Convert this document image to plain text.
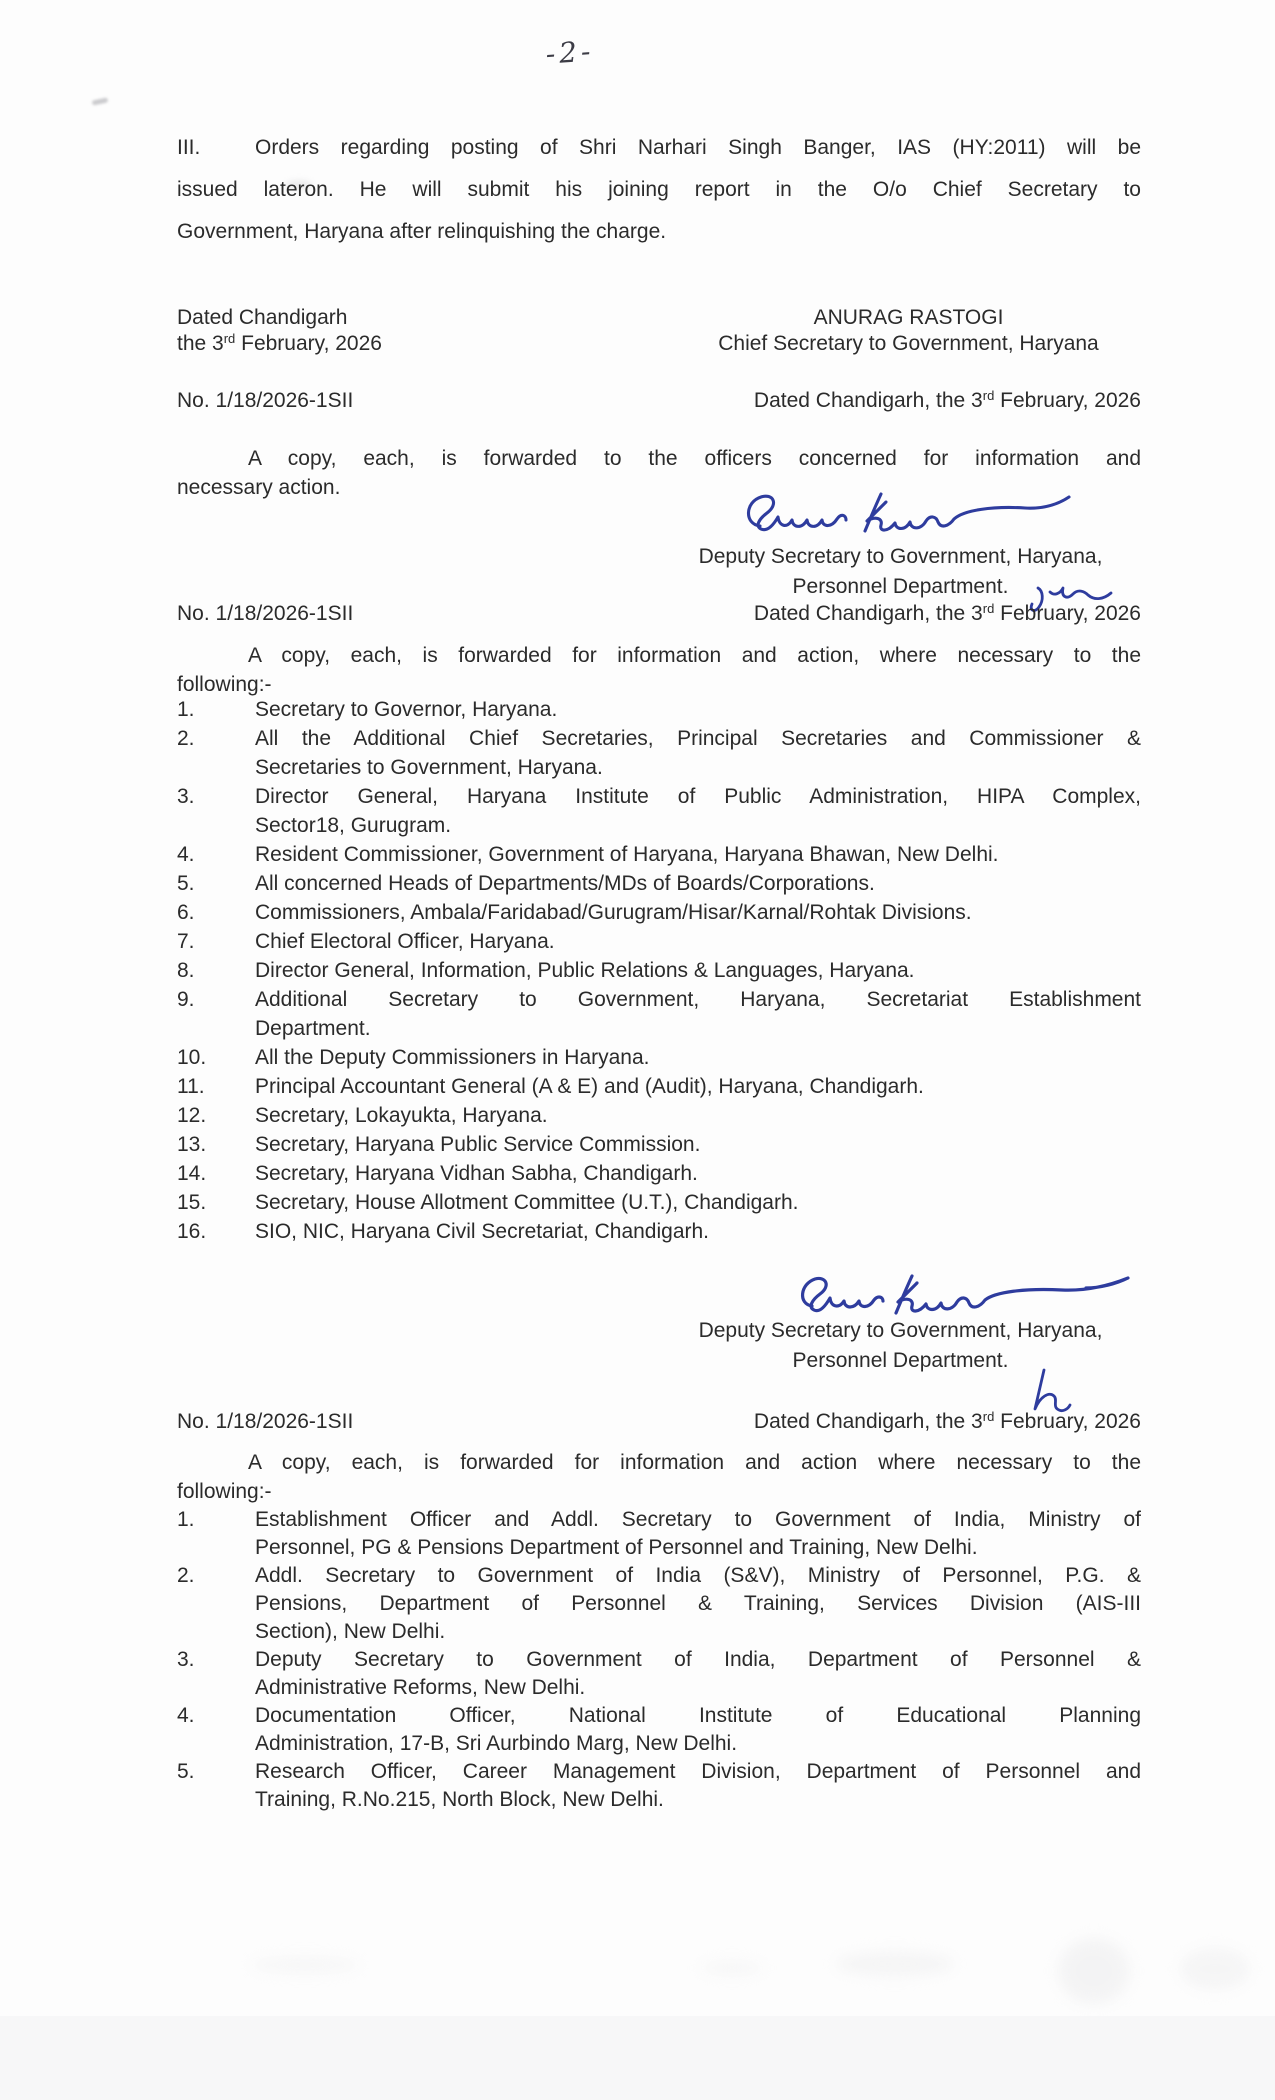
-2-
III.	Orders regarding posting of Shri Narhari Singh Banger, IAS (HY:2011) will be
issued lateron. He will submit his joining report in the O/o Chief Secretary to
Government, Haryana after relinquishing the charge.
Dated Chandigarh
the 3rd February, 2026
ANURAG RASTOGI
Chief Secretary to Government, Haryana
No. 1/18/2026-1SII	Dated Chandigarh, the 3rd February, 2026
A copy, each, is forwarded to the officers concerned for information and
necessary action.
Deputy Secretary to Government, Haryana,
Personnel Department.
No. 1/18/2026-1SII	Dated Chandigarh, the 3rd February, 2026
A copy, each, is forwarded for information and action, where necessary to the
following:-
1.	Secretary to Governor, Haryana.
2.	All the Additional Chief Secretaries, Principal Secretaries and Commissioner &
Secretaries to Government, Haryana.
3.	Director General, Haryana Institute of Public Administration, HIPA Complex,
Sector18, Gurugram.
4.	Resident Commissioner, Government of Haryana, Haryana Bhawan, New Delhi.
5.	All concerned Heads of Departments/MDs of Boards/Corporations.
6.	Commissioners, Ambala/Faridabad/Gurugram/Hisar/Karnal/Rohtak Divisions.
7.	Chief Electoral Officer, Haryana.
8.	Director General, Information, Public Relations & Languages, Haryana.
9.	Additional Secretary to Government, Haryana, Secretariat Establishment
Department.
10.	All the Deputy Commissioners in Haryana.
11.	Principal Accountant General (A & E) and (Audit), Haryana, Chandigarh.
12.	Secretary, Lokayukta, Haryana.
13.	Secretary, Haryana Public Service Commission.
14.	Secretary, Haryana Vidhan Sabha, Chandigarh.
15.	Secretary, House Allotment Committee (U.T.), Chandigarh.
16.	SIO, NIC, Haryana Civil Secretariat, Chandigarh.
Deputy Secretary to Government, Haryana,
Personnel Department.
No. 1/18/2026-1SII	Dated Chandigarh, the 3rd February, 2026
A copy, each, is forwarded for information and action where necessary to the
following:-
1.	Establishment Officer and Addl. Secretary to Government of India, Ministry of
Personnel, PG & Pensions Department of Personnel and Training, New Delhi.
2.	Addl. Secretary to Government of India (S&V), Ministry of Personnel, P.G. &
Pensions, Department of Personnel & Training, Services Division (AIS-III
Section), New Delhi.
3.	Deputy Secretary to Government of India, Department of Personnel &
Administrative Reforms, New Delhi.
4.	Documentation Officer, National Institute of Educational Planning
Administration, 17-B, Sri Aurbindo Marg, New Delhi.
5.	Research Officer, Career Management Division, Department of Personnel and
Training, R.No.215, North Block, New Delhi.
